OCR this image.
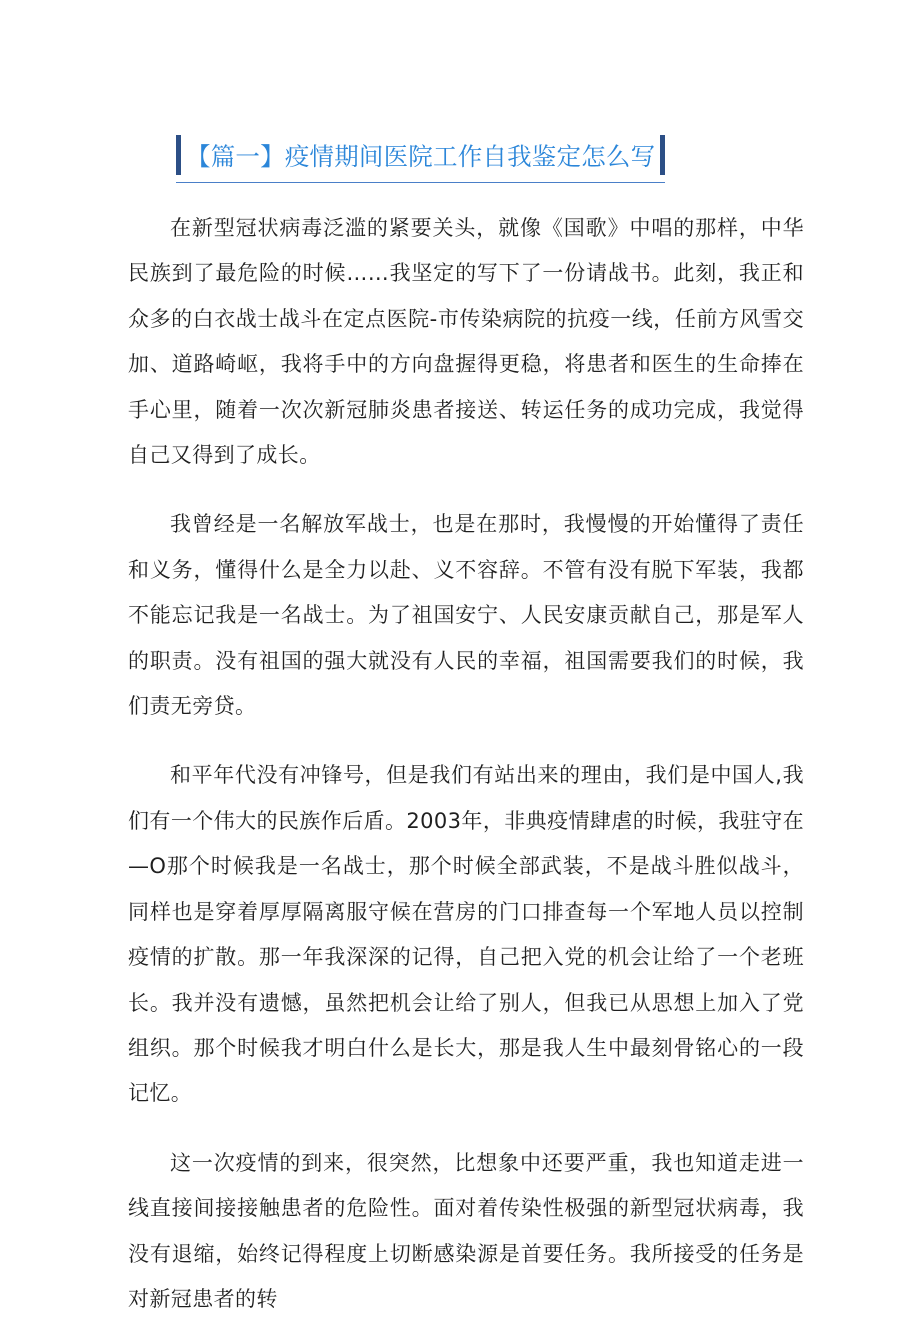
【篇一】疫情期间医院工作自我鉴定怎么写

在新型冠状病毒泛滥的紧要关头，就像《国歌》中唱的那样，中华民族到了最危险的时候……我坚定的写下了一份请战书。此刻，我正和众多的白衣战士战斗在定点医院-市传染病院的抗疫一线，任前方风雪交加、道路崎岖，我将手中的方向盘握得更稳，将患者和医生的生命捧在手心里，随着一次次新冠肺炎患者接送、转运任务的成功完成，我觉得自己又得到了成长。

我曾经是一名解放军战士，也是在那时，我慢慢的开始懂得了责任和义务，懂得什么是全力以赴、义不容辞。不管有没有脱下军装，我都不能忘记我是一名战士。为了祖国安宁、人民安康贡献自己，那是军人的职责。没有祖国的强大就没有人民的幸福，祖国需要我们的时候，我们责无旁贷。

和平年代没有冲锋号，但是我们有站出来的理由，我们是中国人,我们有一个伟大的民族作后盾。2003年，非典疫情肆虐的时候，我驻守在—O那个时候我是一名战士，那个时候全部武装，不是战斗胜似战斗，同样也是穿着厚厚隔离服守候在营房的门口排查每一个军地人员以控制疫情的扩散。那一年我深深的记得，自己把入党的机会让给了一个老班长。我并没有遗憾，虽然把机会让给了别人，但我已从思想上加入了党组织。那个时候我才明白什么是长大，那是我人生中最刻骨铭心的一段记忆。

这一次疫情的到来，很突然，比想象中还要严重，我也知道走进一线直接间接接触患者的危险性。面对着传染性极强的新型冠状病毒，我没有退缩，始终记得程度上切断感染源是首要任务。我所接受的任务是对新冠患者的转
